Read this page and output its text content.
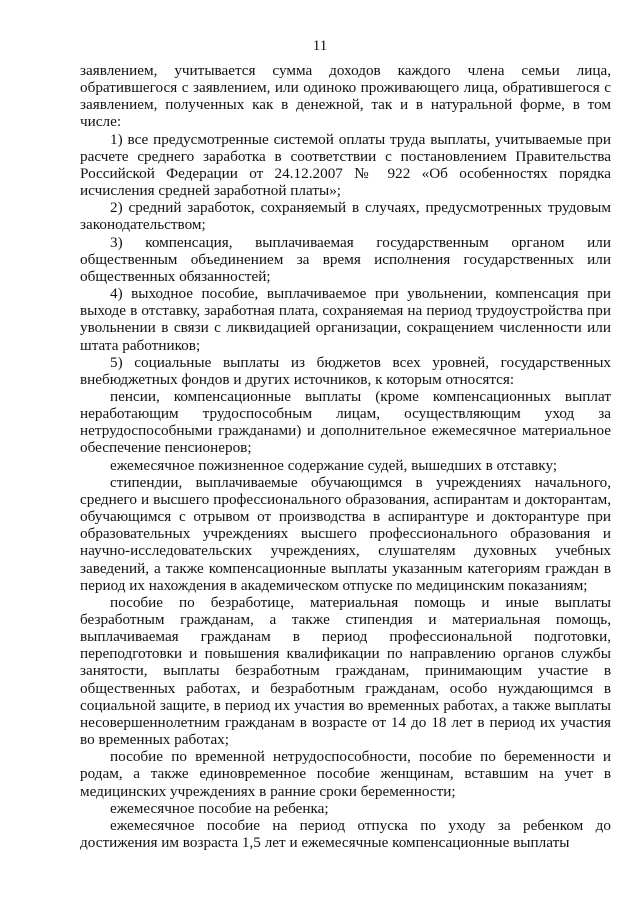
11

заявлением, учитывается сумма доходов каждого члена семьи лица, обратившегося с заявлением, или одиноко проживающего лица, обратившегося с заявлением, полученных как в денежной, так и в натуральной форме, в том числе:

1) все предусмотренные системой оплаты труда выплаты, учитываемые при расчете среднего заработка в соответствии с постановлением Правительства Российской Федерации от 24.12.2007 № 922 «Об особенностях порядка исчисления средней заработной платы»;

2) средний заработок, сохраняемый в случаях, предусмотренных трудовым законодательством;

3) компенсация, выплачиваемая государственным органом или общественным объединением за время исполнения государственных или общественных обязанностей;

4) выходное пособие, выплачиваемое при увольнении, компенсация при выходе в отставку, заработная плата, сохраняемая на период трудоустройства при увольнении в связи с ликвидацией организации, сокращением численности или штата работников;

5) социальные выплаты из бюджетов всех уровней, государственных внебюджетных фондов и других источников, к которым относятся:

пенсии, компенсационные выплаты (кроме компенсационных выплат неработающим трудоспособным лицам, осуществляющим уход за нетрудоспособными гражданами) и дополнительное ежемесячное материальное обеспечение пенсионеров;

ежемесячное пожизненное содержание судей, вышедших в отставку;

стипендии, выплачиваемые обучающимся в учреждениях начального, среднего и высшего профессионального образования, аспирантам и докторантам, обучающимся с отрывом от производства в аспирантуре и докторантуре при образовательных учреждениях высшего профессионального образования и научно-исследовательских учреждениях, слушателям духовных учебных заведений, а также компенсационные выплаты указанным категориям граждан в период их нахождения в академическом отпуске по медицинским показаниям;

пособие по безработице, материальная помощь и иные выплаты безработным гражданам, а также стипендия и материальная помощь, выплачиваемая гражданам в период профессиональной подготовки, переподготовки и повышения квалификации по направлению органов службы занятости, выплаты безработным гражданам, принимающим участие в общественных работах, и безработным гражданам, особо нуждающимся в социальной защите, в период их участия во временных работах, а также выплаты несовершеннолетним гражданам в возрасте от 14 до 18 лет в период их участия во временных работах;

пособие по временной нетрудоспособности, пособие по беременности и родам, а также единовременное пособие женщинам, вставшим на учет в медицинских учреждениях в ранние сроки беременности;

ежемесячное пособие на ребенка;

ежемесячное пособие на период отпуска по уходу за ребенком до достижения им возраста 1,5 лет и ежемесячные компенсационные выплаты
